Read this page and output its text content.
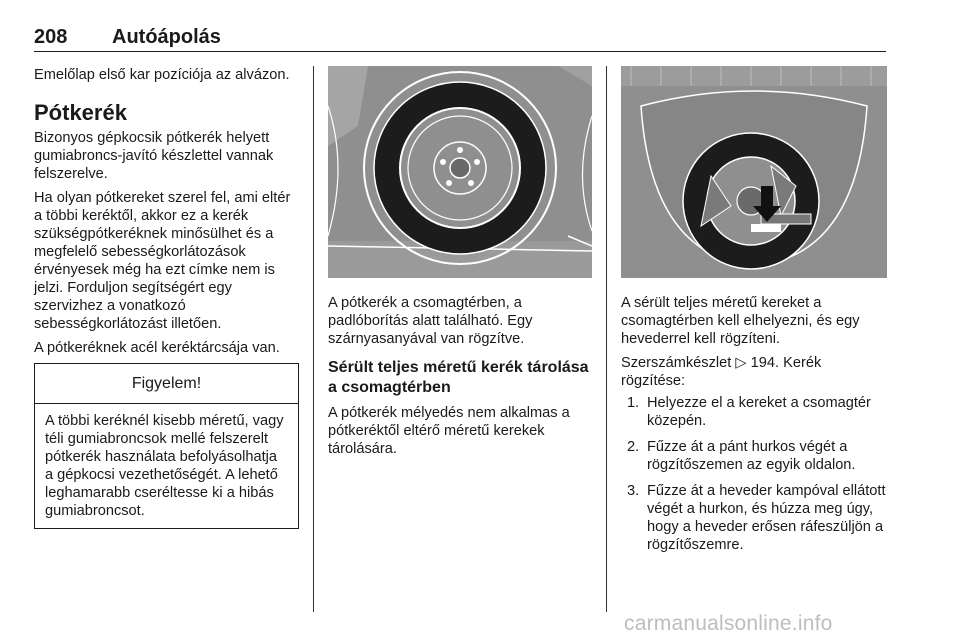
208 Autóápolás

Emelőlap első kar pozíciója az alvázon.

Pótkerék

Bizonyos gépkocsik pótkerék helyett gumiabroncs-javító készlettel vannak felszerelve.

Ha olyan pótkereket szerel fel, ami eltér a többi keréktől, akkor ez a kerék szükségpótkeréknek minősülhet és a megfelelő sebességkorlátozások érvényesek még ha ezt címke nem is jelzi. Forduljon segítségért egy szervizhez a vonatkozó sebességkorlátozást illetően.

A pótkeréknek acél keréktárcsája van.

Figyelem!
A többi keréknél kisebb méretű, vagy téli gumiabroncsok mellé felszerelt pótkerék használata befolyásolhatja a gépkocsi vezethetőségét. A lehető leghamarabb cseréltesse ki a hibás gumiabroncsot.

A pótkerék a csomagtérben, a padlóborítás alatt található. Egy szárnyasanyával van rögzítve.

Sérült teljes méretű kerék tárolása a csomagtérben

A pótkerék mélyedés nem alkalmas a pótkeréktől eltérő méretű kerekek tárolására.

A sérült teljes méretű kereket a csomagtérben kell elhelyezni, és egy hevederrel kell rögzíteni.

Szerszámkészlet ▷ 194. Kerék
rögzítése:

1. Helyezze el a kereket a csomagtér közepén.
2. Fűzze át a pánt hurkos végét a rögzítőszemen az egyik oldalon.
3. Fűzze át a heveder kampóval ellátott végét a hurkon, és húzza meg úgy, hogy a heveder erősen ráfeszüljön a rögzítőszemre.
carmanualsonline.info
